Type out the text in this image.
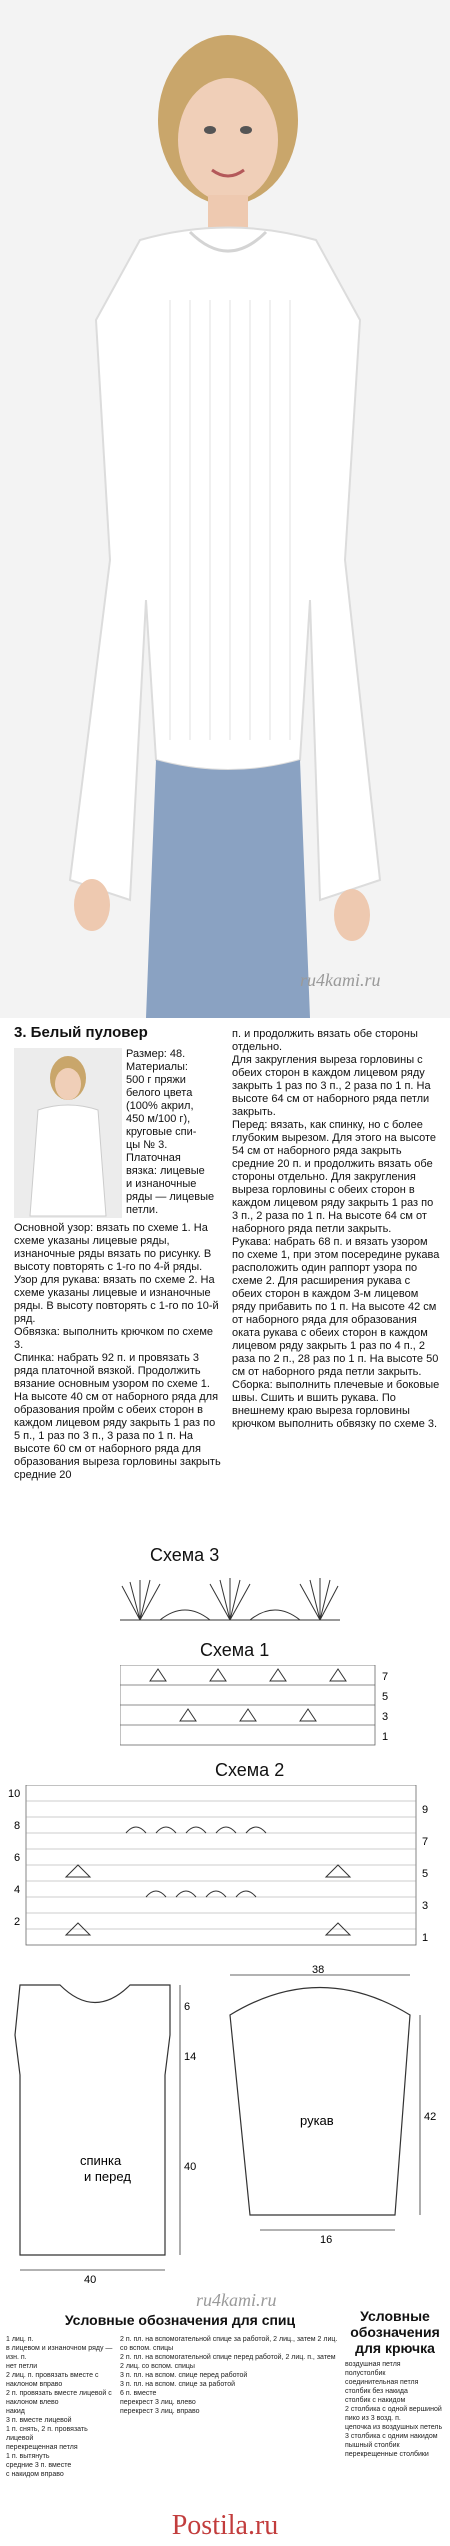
ru4kami.ru
3. Белый пуловер
Размер: 48.
Материалы:
500 г пряжи
белого цвета
(100% акрил,
450 м/100 г),
круговые спи-
цы № 3.
Платочная
вязка: лицевые
и изнаночные
ряды — лицевые
петли.
Основной узор: вязать по схеме 1. На схеме указаны лицевые ряды, изнаночные ряды вязать по рисунку. В высоту повторять с 1-го по 4-й ряды.
Узор для рукава: вязать по схеме 2. На схеме указаны лицевые и изнаночные ряды. В высоту повторять с 1-го по 10-й ряд.
Обвязка: выполнить крючком по схеме 3.
Спинка: набрать 92 п. и провязать 3 ряда платочной вязкой. Продолжить вязание основным узором по схеме 1. На высоте 40 см от наборного ряда для образования пройм с обеих сторон в каждом лицевом ряду закрыть 1 раз по 5 п., 1 раз по 3 п., 3 раза по 1 п. На высоте 60 см от наборного ряда для образования выреза горловины закрыть средние 20
п. и продолжить вязать обе стороны отдельно.
Для закругления выреза горловины с обеих сторон в каждом лицевом ряду закрыть 1 раз по 3 п., 2 раза по 1 п. На высоте 64 см от наборного ряда петли закрыть.
Перед: вязать, как спинку, но с более глубоким вырезом. Для этого на высоте 54 см от наборного ряда закрыть средние 20 п. и продолжить вязать обе стороны отдельно. Для закругления выреза горловины с обеих сторон в каждом лицевом ряду закрыть 1 раз по 3 п., 2 раза по 1 п. На высоте 64 см от наборного ряда петли закрыть.
Рукава: набрать 68 п. и вязать узором по схеме 1, при этом посередине рукава расположить один раппорт узора по схеме 2. Для расширения рукава с обеих сторон в каждом 3-м лицевом ряду прибавить по 1 п. На высоте 42 см от наборного ряда для образования оката рукава с обеих сторон в каждом лицевом ряду закрыть 1 раз по 4 п., 2 раза по 2 п., 28 раз по 1 п. На высоте 50 см от наборного ряда петли закрыть.
Сборка: выполнить плечевые и боковые швы. Сшить и вшить рукава. По внешнему краю выреза горловины крючком выполнить обвязку по схеме 3.
Схема 3
Схема 1
7
5
3
1
Схема 2
10
8
6
4
2
9
7
5
3
1
спинка
и перед
рукав
40
40
14
6
38
42
16
ru4kami.ru
Условные обозначения для спиц	Условные
обозначения
для крючка
1 лиц. п.
в лицевом и изнаночном ряду — изн. п.
нет петли
2 лиц. п. провязать вместе с наклоном вправо
2 п. провязать вместе лицевой с наклоном влево
накид
3 п. вместе лицевой
1 п. снять, 2 п. провязать лицевой
перекрещенная петля
1 п. вытянуть
средние 3 п. вместе
с накидом вправо
2 п. пл. на вспомогательной спице за работой, 2 лиц., затем 2 лиц. со вспом. спицы
2 п. пл. на вспомогательной спице перед работой, 2 лиц. п., затем 2 лиц. со вспом. спицы
3 п. пл. на вспом. спице перед работой
3 п. пл. на вспом. спице за работой
6 п. вместе
перекрест 3 лиц. влево
перекрест 3 лиц. вправо
воздушная петля
полустолбик
соединительная петля
столбик без накида
столбик с накидом
2 столбика с одной вершиной
пико из 3 возд. п.
цепочка из воздушных петель
3 столбика с одним накидом
пышный столбик
перекрещенные столбики
Postila.ru
